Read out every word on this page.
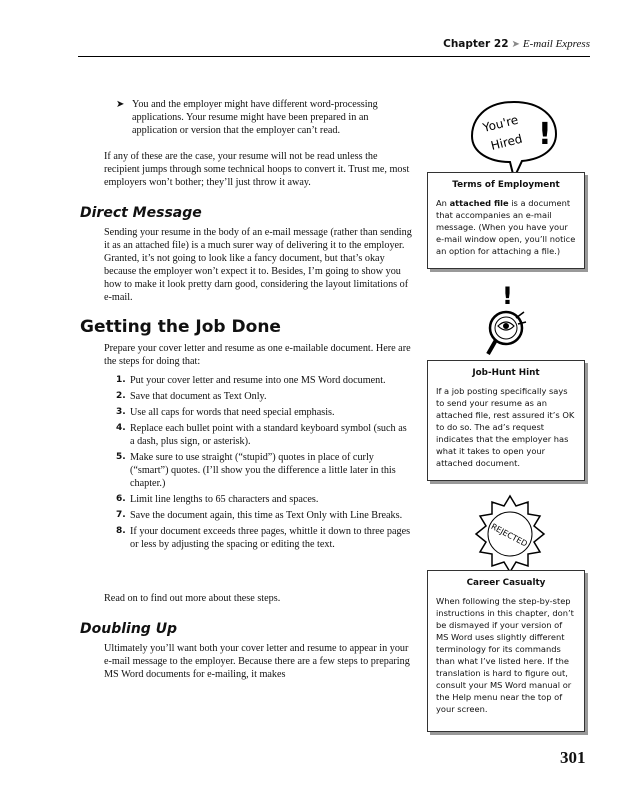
Chapter 22 ➤ E-mail Express
➤ You and the employer might have different word-processing applications. Your resume might have been prepared in an application or version that the employer can’t read.

If any of these are the case, your resume will not be read unless the recipient jumps through some technical hoops to convert it. Trust me, most employers won’t bother; they’ll just throw it away.

Direct Message

Sending your resume in the body of an e-mail message (rather than sending it as an attached file) is a much surer way of delivering it to the employer. Granted, it’s not going to look like a fancy document, but that’s okay because the employer won’t expect it to. Besides, I’m going to show you how to make it look pretty darn good, considering the layout limitations of e-mail.

Getting the Job Done

Prepare your cover letter and resume as one e-mailable document. Here are the steps for doing that:

1. Put your cover letter and resume into one MS Word document.
2. Save that document as Text Only.
3. Use all caps for words that need special emphasis.
4. Replace each bullet point with a standard keyboard symbol (such as a dash, plus sign, or asterisk).
5. Make sure to use straight (“stupid”) quotes in place of curly (“smart”) quotes. (I’ll show you the difference a little later in this chapter.)
6. Limit line lengths to 65 characters and spaces.
7. Save the document again, this time as Text Only with Line Breaks.
8. If your document exceeds three pages, whittle it down to three pages or less by adjusting the spacing or editing the text.

Read on to find out more about these steps.

Doubling Up

Ultimately you’ll want both your cover letter and resume to appear in your e-mail message to the employer. Because there are a few steps to preparing MS Word documents for e-mailing, it makes

You're
Hired !
Terms of Employment

An attached file is a document that accompanies an e-mail message. (When you have your e-mail window open, you’ll notice an option for attaching a file.)

!
Job-Hunt Hint

If a job posting specifically says to send your resume as an attached file, rest assured it’s OK to do so. The ad’s request indicates that the employer has what it takes to open your attached document.

REJECTED
Career Casualty

When following the step-by-step instructions in this chapter, don’t be dismayed if your version of MS Word uses slightly different terminology for its commands than what I’ve listed here. If the translation is hard to figure out, consult your MS Word manual or the Help menu near the top of your screen.

301
